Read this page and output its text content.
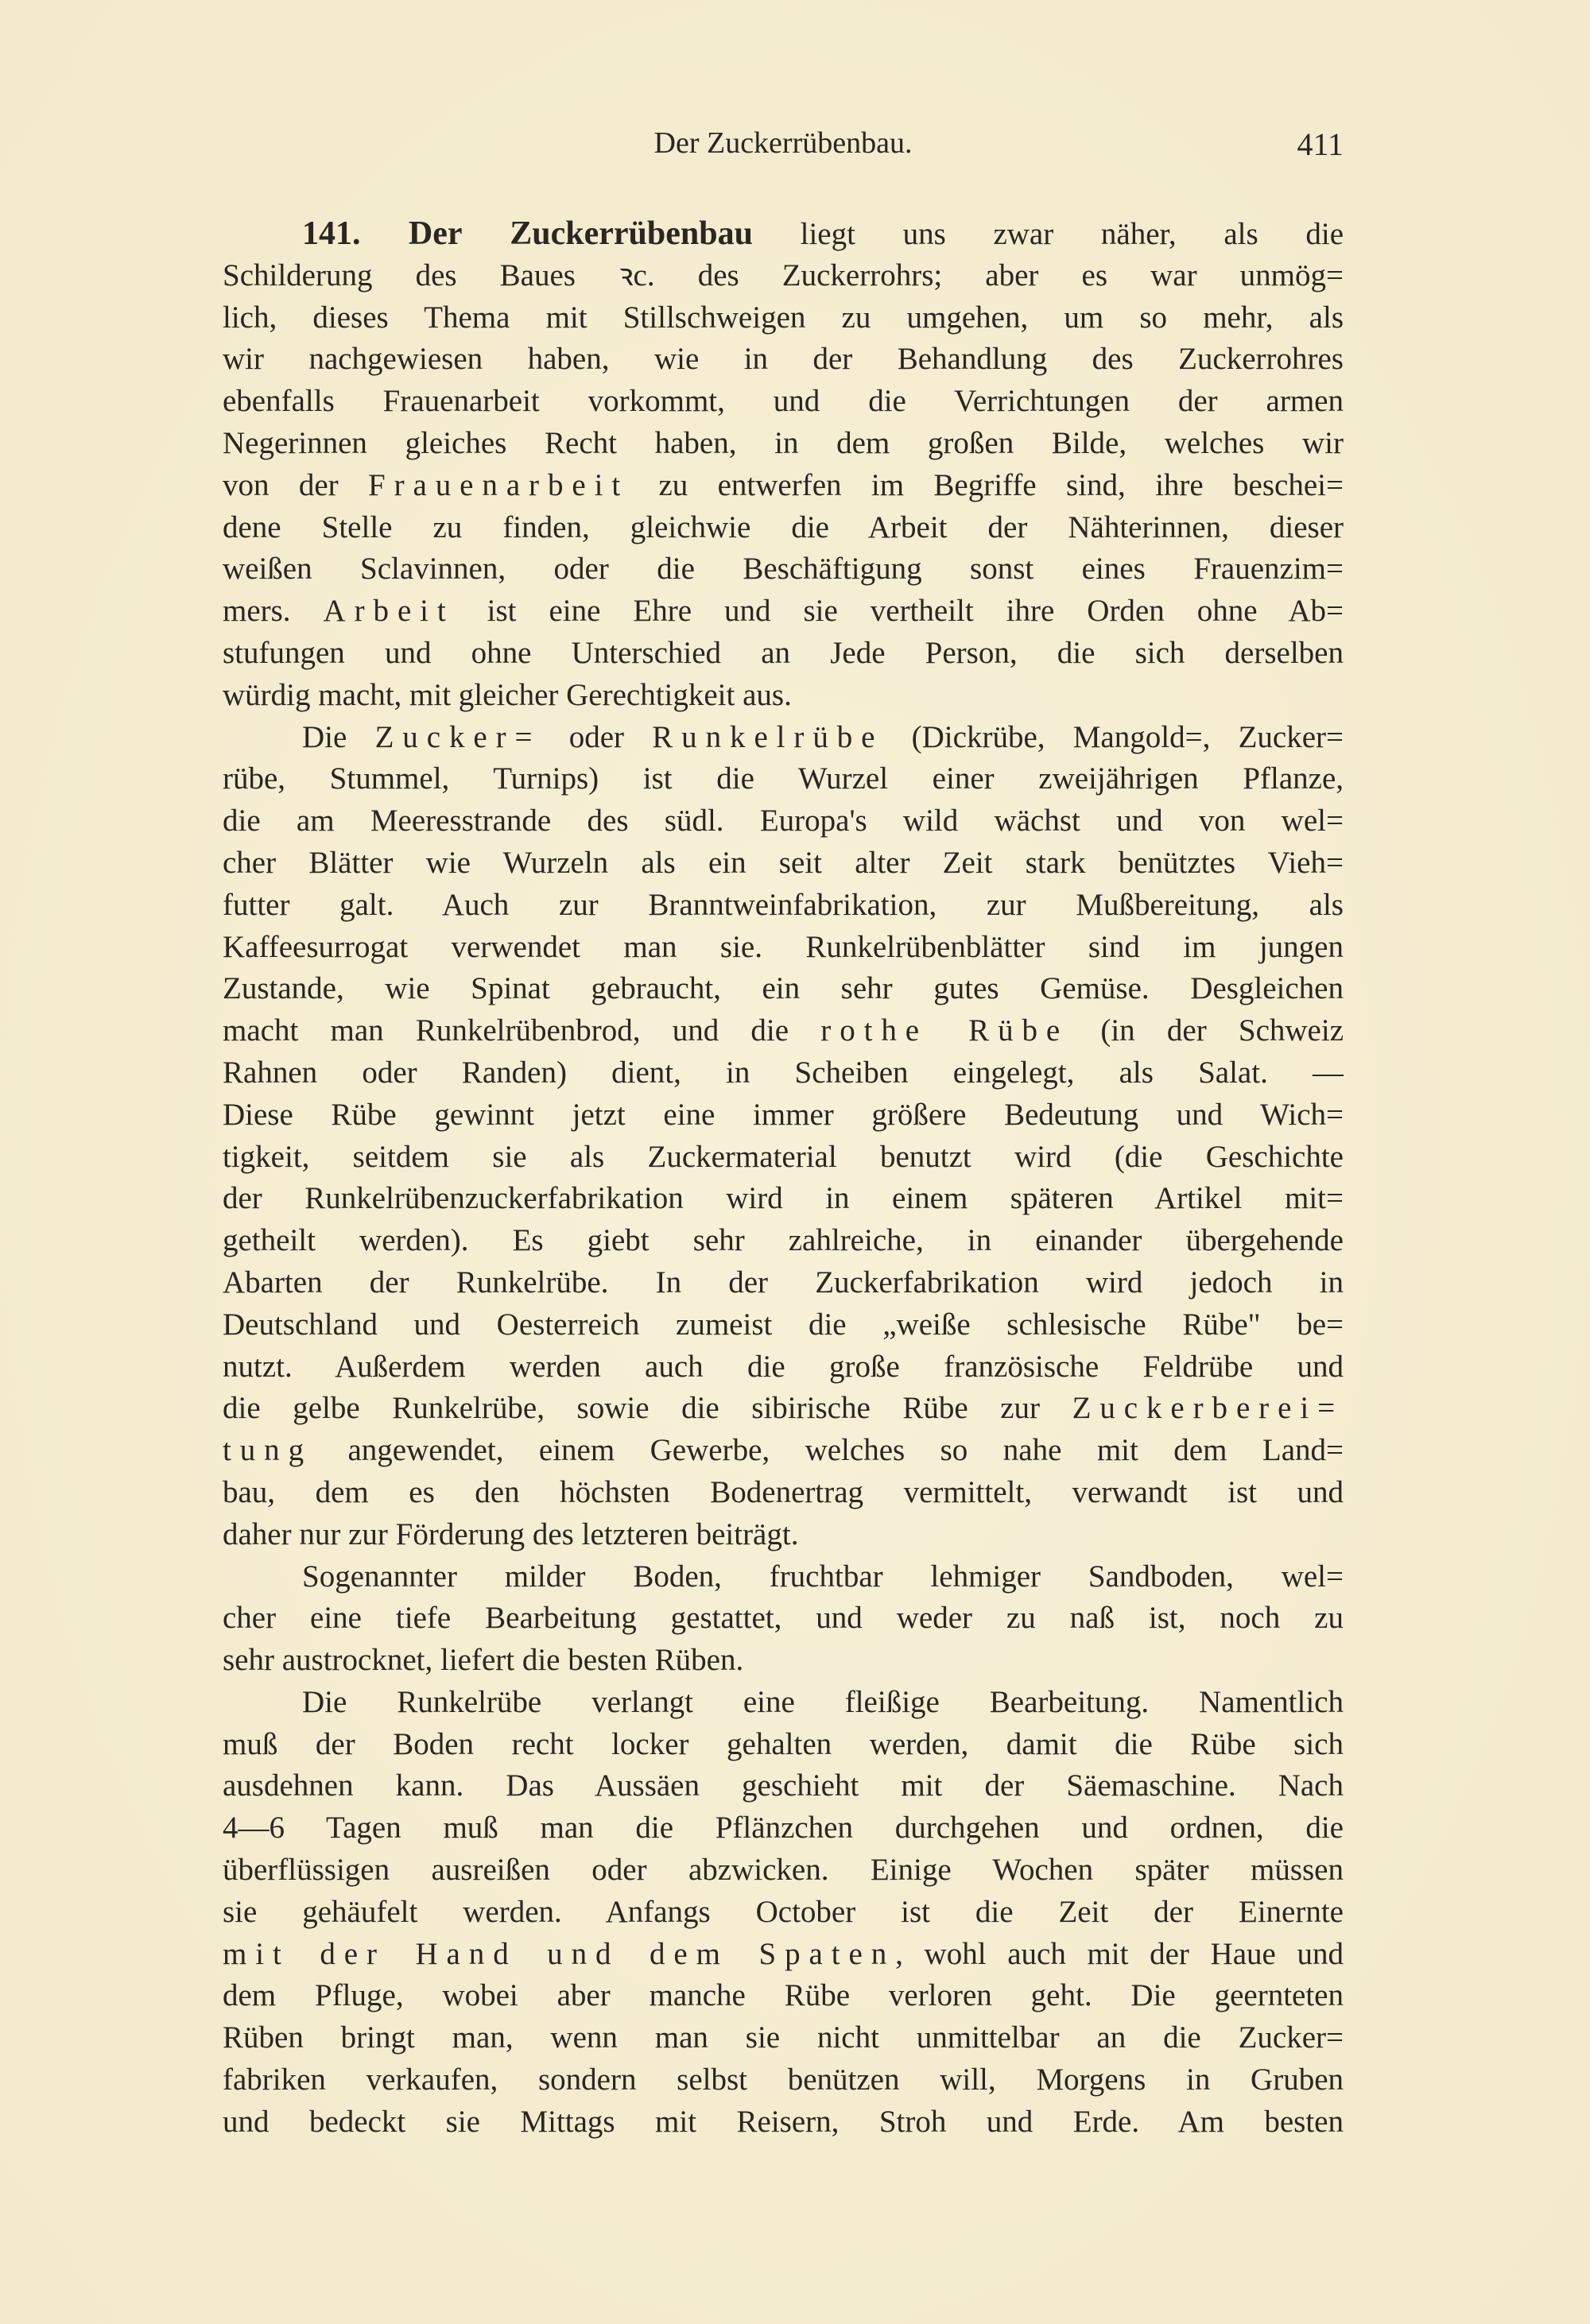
Der Zuckerrübenbau.	411
141. Der Zuckerrübenbau liegt uns zwar näher, als die
Schilderung des Baues ꝛc. des Zuckerrohrs; aber es war unmög=
lich, dieses Thema mit Stillschweigen zu umgehen, um so mehr, als
wir nachgewiesen haben, wie in der Behandlung des Zuckerrohres
ebenfalls Frauenarbeit vorkommt, und die Verrichtungen der armen
Negerinnen gleiches Recht haben, in dem großen Bilde, welches wir
von der Frauenarbeit zu entwerfen im Begriffe sind, ihre beschei=
dene Stelle zu finden, gleichwie die Arbeit der Nähterinnen, dieser
weißen Sclavinnen, oder die Beschäftigung sonst eines Frauenzim=
mers. Arbeit ist eine Ehre und sie vertheilt ihre Orden ohne Ab=
stufungen und ohne Unterschied an Jede Person, die sich derselben
würdig macht, mit gleicher Gerechtigkeit aus.
Die Zucker= oder Runkelrübe (Dickrübe, Mangold=, Zucker=
rübe, Stummel, Turnips) ist die Wurzel einer zweijährigen Pflanze,
die am Meeresstrande des südl. Europa's wild wächst und von wel=
cher Blätter wie Wurzeln als ein seit alter Zeit stark benütztes Vieh=
futter galt. Auch zur Branntweinfabrikation, zur Mußbereitung, als
Kaffeesurrogat verwendet man sie. Runkelrübenblätter sind im jungen
Zustande, wie Spinat gebraucht, ein sehr gutes Gemüse. Desgleichen
macht man Runkelrübenbrod, und die rothe Rübe (in der Schweiz
Rahnen oder Randen) dient, in Scheiben eingelegt, als Salat. —
Diese Rübe gewinnt jetzt eine immer größere Bedeutung und Wich=
tigkeit, seitdem sie als Zuckermaterial benutzt wird (die Geschichte
der Runkelrübenzuckerfabrikation wird in einem späteren Artikel mit=
getheilt werden). Es giebt sehr zahlreiche, in einander übergehende
Abarten der Runkelrübe. In der Zuckerfabrikation wird jedoch in
Deutschland und Oesterreich zumeist die „weiße schlesische Rübe" be=
nutzt. Außerdem werden auch die große französische Feldrübe und
die gelbe Runkelrübe, sowie die sibirische Rübe zur Zuckerberei=
tung angewendet, einem Gewerbe, welches so nahe mit dem Land=
bau, dem es den höchsten Bodenertrag vermittelt, verwandt ist und
daher nur zur Förderung des letzteren beiträgt.
Sogenannter milder Boden, fruchtbar lehmiger Sandboden, wel=
cher eine tiefe Bearbeitung gestattet, und weder zu naß ist, noch zu
sehr austrocknet, liefert die besten Rüben.
Die Runkelrübe verlangt eine fleißige Bearbeitung. Namentlich
muß der Boden recht locker gehalten werden, damit die Rübe sich
ausdehnen kann. Das Aussäen geschieht mit der Säemaschine. Nach
4—6 Tagen muß man die Pflänzchen durchgehen und ordnen, die
überflüssigen ausreißen oder abzwicken. Einige Wochen später müssen
sie gehäufelt werden. Anfangs October ist die Zeit der Einernte
mit der Hand und dem Spaten, wohl auch mit der Haue und
dem Pfluge, wobei aber manche Rübe verloren geht. Die geernteten
Rüben bringt man, wenn man sie nicht unmittelbar an die Zucker=
fabriken verkaufen, sondern selbst benützen will, Morgens in Gruben
und bedeckt sie Mittags mit Reisern, Stroh und Erde. Am besten
